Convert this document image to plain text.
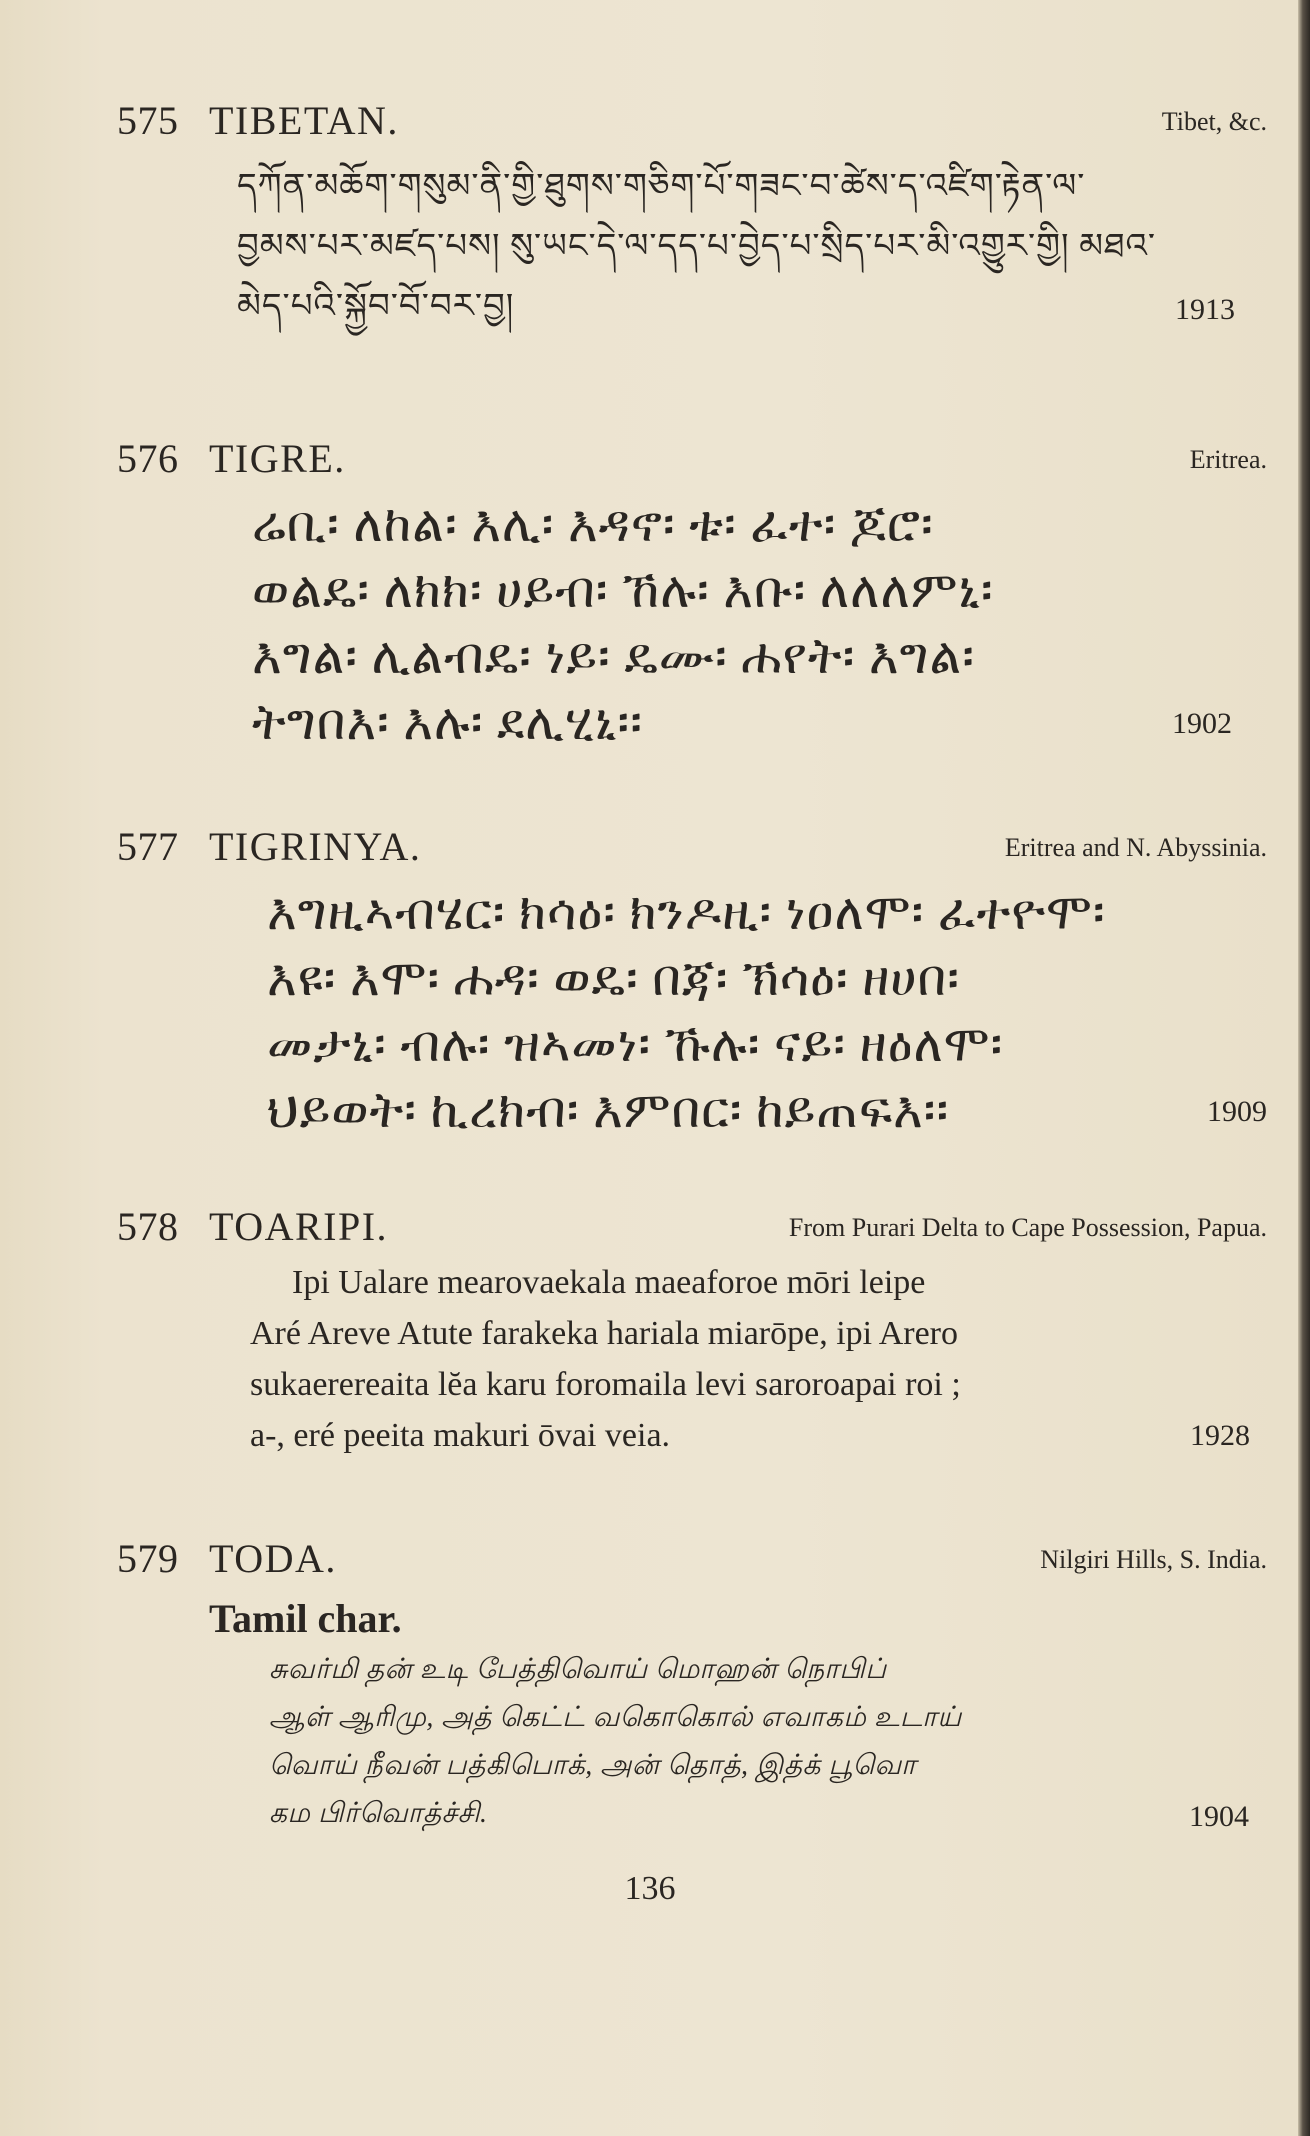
575 TIBETAN.	Tibet, &c.
དཀོན་མཆོག་གསུམ་ནི་གྱི་ཐུགས་གཅིག་པོ་གཟང་བ་ཚེས་ད་འཛིག་རྟེན་ལ་
བྱམས་པར་མཛད་པས། སུ་ཡང་དེ་ལ་དད་པ་བྱེད་པ་སྲིད་པར་མི་འགྱུར་གྱི། མཐའ་
མེད་པའི་སྐྱོབ་བོ་བར་བྱ།	1913
576 TIGRE.	Eritrea.
ሬቢ፡ ለከል፡ እሊ፡ እዳኖ፡ ቱ፡ ፈተ፡ ጆሮ፡
ወልዴ፡ ለክክ፡ ሀይብ፡ ኸሉ፡ እቡ፡ ለለለምኒ፡
እግል፡ ሊልብዴ፡ ነይ፡ ዴሙ፡ ሐየት፡ እግል፡
ትግበእ፡ እሉ፡ ደሊሂኒ፡፡	1902
577 TIGRINYA.	Eritrea and N. Abyssinia.
እግዚኣብሄር፡ ክሳዕ፡ ክንዶዚ፡ ነዐለሞ፡ ፈተዮሞ፡
እዩ፡ እሞ፡ ሐዳ፡ ወዴ፡ በጃ፡ ኽሳዕ፡ ዘሀበ፡
መታኒ፡ ብሉ፡ ዝኣመነ፡ ኹሉ፡ ናይ፡ ዘዕለሞ፡
ህይወት፡ ኪረክብ፡ እምበር፡ ከይጠፍእ፡፡	1909
578 TOARIPI.	From Purari Delta to Cape Possession, Papua.
Ipi Ualare mearovaekala maeaforoe mōri leipe
Aré Areve Atute farakeka hariala miarōpe, ipi Arero
sukaerereaita lĕa karu foromaila levi saroroapai roi ;
a-, eré peeita makuri ōvai veia.	1928
579 TODA.	Nilgiri Hills, S. India.
Tamil char.
சுவர்மி தன் உடி பேத்திவொய் மொஹன் நொபிப்
ஆள் ஆரிமு, அத் கெட்ட் வகொகொல் எவாகம் உடாய்
வொய் நீவன் பத்கிபொக், அன் தொத், இத்க் பூவொ
கம பிர்வொத்ச்சி.	1904
136
